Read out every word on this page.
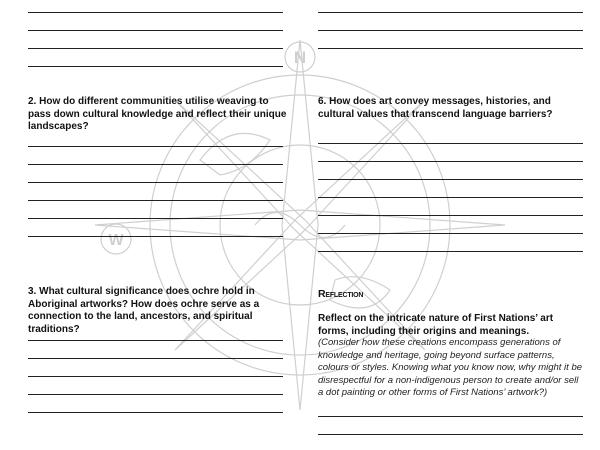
N
W
2. How do different communities utilise weaving to pass down cultural knowledge and reflect their unique landscapes?
6. How does art convey messages, histories, and cultural values that transcend language barriers?
3. What cultural significance does ochre hold in Aboriginal artworks? How does ochre serve as a connection to the land, ancestors, and spiritual traditions?
Reflection
Reflect on the intricate nature of First Nations’ art forms, including their origins and meanings.
(Consider how these creations encompass generations of knowledge and heritage, going beyond surface patterns, colours or styles. Knowing what you know now, why might it be disrespectful for a non-indigenous person to create and/or sell a dot painting or other forms of First Nations’ artwork?)
